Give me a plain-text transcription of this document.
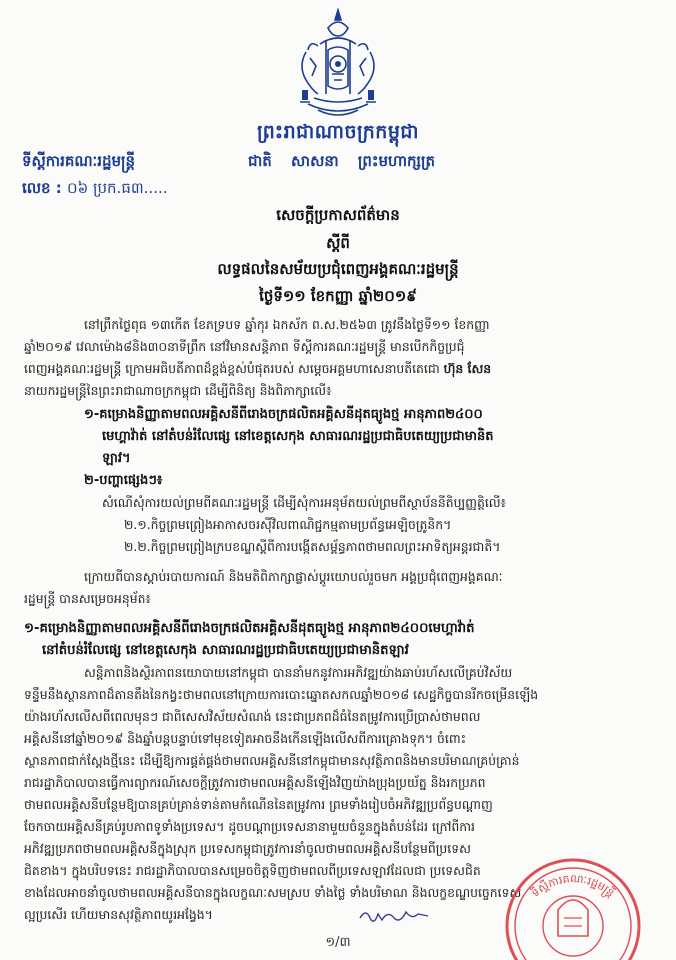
ព្រះរាជាណាចក្រកម្ពុជា
ទីស្ដីការគណៈរដ្ឋមន្ត្រី	ជាតិ សាសនា ព្រះមហាក្សត្រ
លេខ : ០៦ ប្រក.ធ៣.....
សេចក្ដីប្រកាសព័ត៌មាន
ស្ដីពី
លទ្ធផលនៃសម័យប្រជុំពេញអង្គគណៈរដ្ឋមន្ត្រី
ថ្ងៃទី១១ ខែកញ្ញា ឆ្នាំ២០១៩
នៅព្រឹកថ្ងៃពុធ ១៣កើត ខែភទ្របទ ឆ្នាំកុរ ឯកស័ក ព.ស.២៥៦៣ ត្រូវនឹងថ្ងៃទី១១ ខែកញ្ញា
ឆ្នាំ២០១៩ វេលាម៉ោង៨និង៣០នាទីព្រឹក នៅវិមានសន្តិភាព ទីស្ដីការគណៈរដ្ឋមន្ត្រី មានបើកកិច្ចប្រជុំ
ពេញអង្គគណៈរដ្ឋមន្ត្រី ក្រោមអធិបតីភាពដ៏ខ្ពង់ខ្ពស់បំផុតរបស់ សម្ដេចអគ្គមហាសេនាបតីតេជោ ហ៊ុន សែន
នាយករដ្ឋមន្ត្រីនៃព្រះរាជាណាចក្រកម្ពុជា ដើម្បីពិនិត្យ និងពិភាក្សាលើ៖
១-គម្រោងនិញ្ញាតាមពលអគ្គិសនីពីរោងចក្រផលិតអគ្គិសនីដុតធ្យូងថ្ម អានុភាព២៤០០
មេហ្គាវ៉ាត់ នៅតំបន់រំលែផ្សេ នៅខេត្តសេកុង សាធារណរដ្ឋប្រជាធិបតេយ្យប្រជាមានិត
ឡាវ។
២-បញ្ហាផ្សេងៗ៖
សំណើសុំការយល់ព្រមពីគណៈរដ្ឋមន្ត្រី ដើម្បីសុំការអនុម័តយល់ព្រមពីស្ថាប័ននីតិប្បញ្ញត្តិលើ៖
២.១.កិច្ចព្រមព្រៀងអាកាសចរស៊ីវិលពាណិជ្ជកម្មតាមប្រព័ន្ធអេឡិចត្រូនិក។
២.២.កិច្ចព្រមព្រៀងក្របខណ្ឌស្ដីពីការបង្កើតសម្ព័ន្ធភាពថាមពលព្រះអាទិត្យអន្តរជាតិ។
ក្រោយពីបានស្ដាប់របាយការណ៍ និងមតិពិភាក្សាផ្លាស់ប្ដូរយោបល់រួចមក អង្គប្រជុំពេញអង្គគណៈ
រដ្ឋមន្ត្រី បានសម្រេចអនុម័ត៖
១-គម្រោងនិញ្ញាតាមពលអគ្គិសនីពីរោងចក្រផលិតអគ្គិសនីដុតធ្យូងថ្ម អានុភាព២៤០០មេហ្គាវ៉ាត់
នៅតំបន់រំលែផ្សេ នៅខេត្តសេកុង សាធារណរដ្ឋប្រជាធិបតេយ្យប្រជាមានិតឡាវ
សន្តិភាពនិងស្ថិរភាពនយោបាយនៅកម្ពុជា បាននាំមកនូវការអភិវឌ្ឍយ៉ាងឆាប់រហ័សលើគ្រប់វិស័យ
ទន្ទឹមនឹងស្ថានភាពដ៏តានតឹងនៃកង្វះថាមពលនៅក្រោយការបោះឆ្នោតសកលឆ្នាំ២០១៨ សេដ្ឋកិច្ចបានរីកចម្រើនឡើង
យ៉ាងរហ័សលើសពីពេលមុនៗ ជាពិសេសវិស័យសំណង់ នេះជាប្រភពដ៏ធំនៃតម្រូវការប្រើប្រាស់ថាមពល
អគ្គិសនីនៅឆ្នាំ២០១៩ និងឆ្នាំបន្តបន្ទាប់ទៅមុខទៀតអាចនឹងកើនឡើងលើសពីការគ្រោងទុក។ ចំពោះ
ស្ថានភាពជាក់ស្ដែងថ្មីនេះ ដើម្បីឱ្យការផ្គត់ផ្គង់ថាមពលអគ្គិសនីនៅកម្ពុជាមានសុវត្ថិភាពនិងមានបរិមាណគ្រប់គ្រាន់
រាជរដ្ឋាភិបាលបានធ្វើការព្យាករណ៍សេចក្ដីត្រូវការថាមពលអគ្គិសនីឡើងវិញយ៉ាងប្រុងប្រយ័ត្ន និងរកប្រភព
ថាមពលអគ្គិសនីបន្ថែមឱ្យបានគ្រប់គ្រាន់ទាន់តាមកំណើននៃតម្រូវការ ព្រមទាំងរៀបចំអភិវឌ្ឍប្រព័ន្ធបណ្ដាញ
ចែកចាយអគ្គិសនីគ្រប់រូបភាពទូទាំងប្រទេស។ ដូចបណ្ដាប្រទេសនានាមួយចំនួនក្នុងតំបន់ដែរ ក្រៅពីការ
អភិវឌ្ឍប្រភពថាមពលអគ្គិសនីក្នុងស្រុក ប្រទេសកម្ពុជាត្រូវការនាំចូលថាមពលអគ្គិសនីបន្ថែមពីប្រទេស
ជិតខាង។ ក្នុងបរិបទនេះ រាជរដ្ឋាភិបាលបានសម្រេចចិត្តទិញថាមពលពីប្រទេសឡាវដែលជា ប្រទេសជិត
ខាងដែលអាចនាំចូលថាមពលអគ្គិសនីបានក្នុងលក្ខណៈសមស្រប ទាំងថ្លៃ ទាំងបរិមាណ និងលក្ខខណ្ឌបច្ចេកទេស
ល្អប្រសើរ ហើយមានសុវត្ថិភាពយូរអង្វែង។
ទីស្ដីការគណៈរដ្ឋមន្ត្រី
១/៣
